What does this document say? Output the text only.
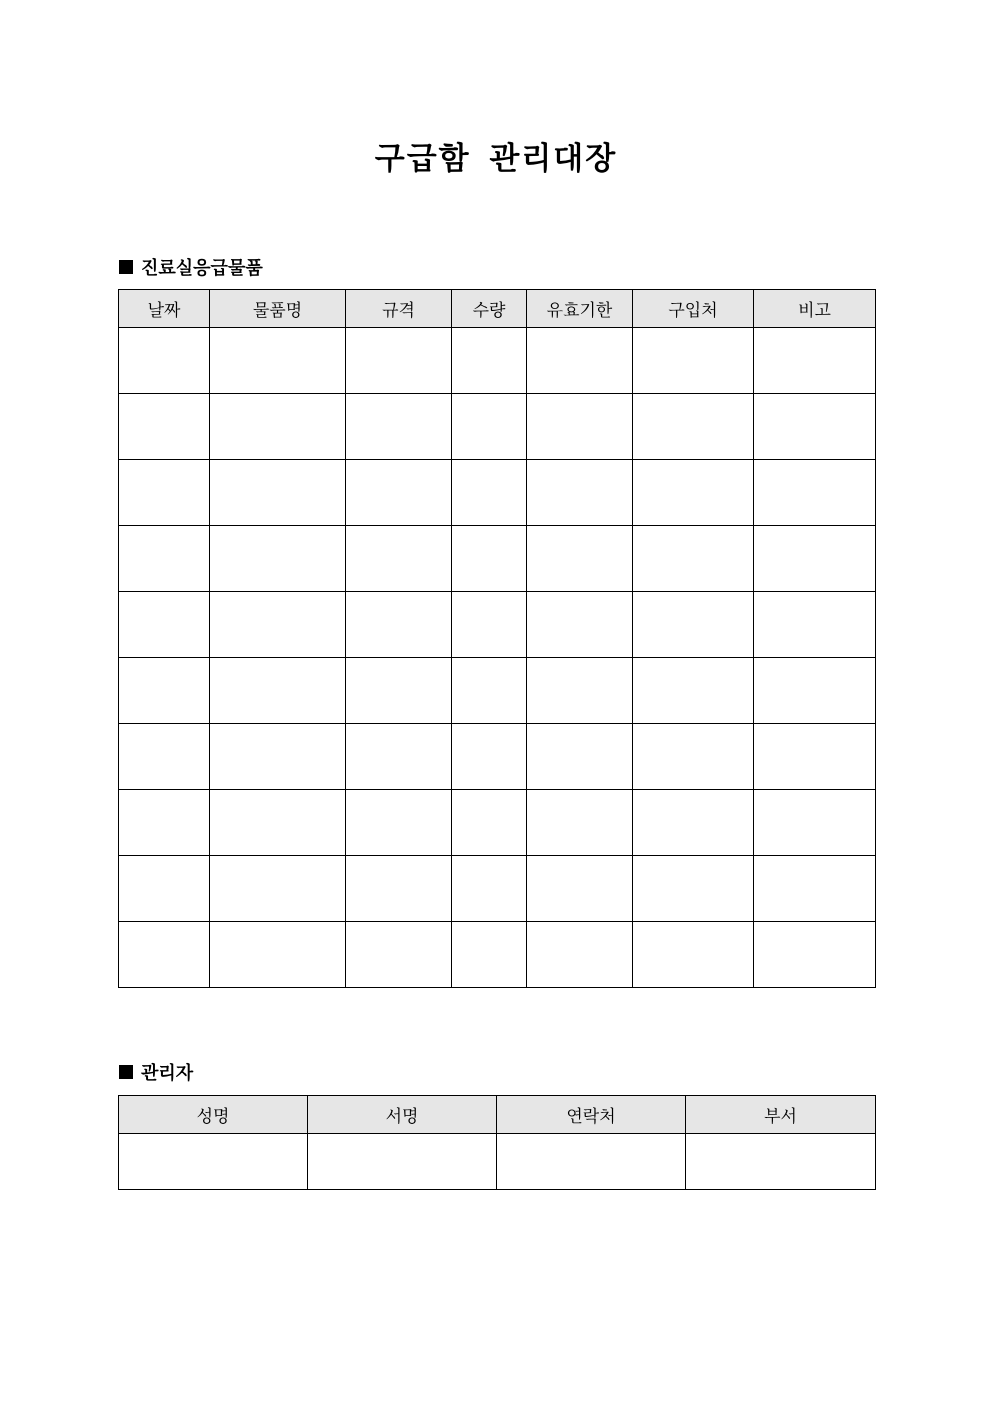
구급함 관리대장
진료실응급물품
날짜	물품명	규격	수량	유효기한	구입처	비고

관리자
성명	서명	연락처	부서
